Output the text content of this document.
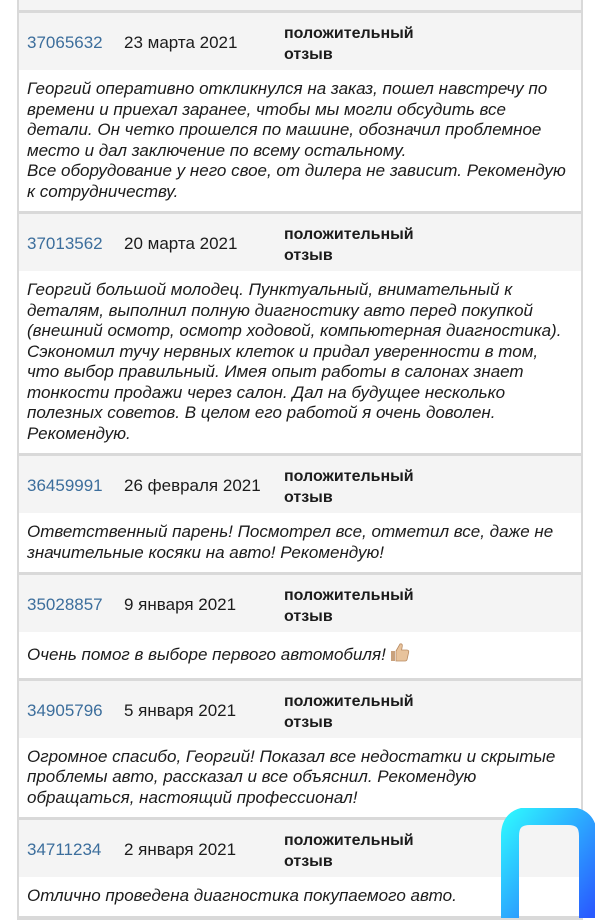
37065632 23 марта 2021	положительный отзыв
Георгий оперативно откликнулся на заказ, пошел навстречу по времени и приехал заранее, чтобы мы могли обсудить все детали. Он четко прошелся по машине, обозначил проблемное место и дал заключение по всему остальному.
Все оборудование у него свое, от дилера не зависит. Рекомендую к сотрудничеству.
37013562 20 марта 2021	положительный отзыв
Георгий большой молодец. Пунктуальный, внимательный к деталям, выполнил полную диагностику авто перед покупкой (внешний осмотр, осмотр ходовой, компьютерная диагностика). Сэкономил тучу нервных клеток и придал уверенности в том, что выбор правильный. Имея опыт работы в салонах знает тонкости продажи через салон. Дал на будущее несколько полезных советов. В целом его работой я очень доволен. Рекомендую.
36459991 26 февраля 2021 положительный отзыв
Ответственный парень! Посмотрел все, отметил все, даже не значительные косяки на авто! Рекомендую!
35028857 9 января 2021	положительный отзыв
Очень помог в выборе первого автомобиля!
34905796 5 января 2021	положительный отзыв
Огромное спасибо, Георгий! Показал все недостатки и скрытые проблемы авто, рассказал и все объяснил. Рекомендую обращаться, настоящий профессионал!
34711234 2 января 2021	положительный отзыв
Отлично проведена диагностика покупаемого авто.
